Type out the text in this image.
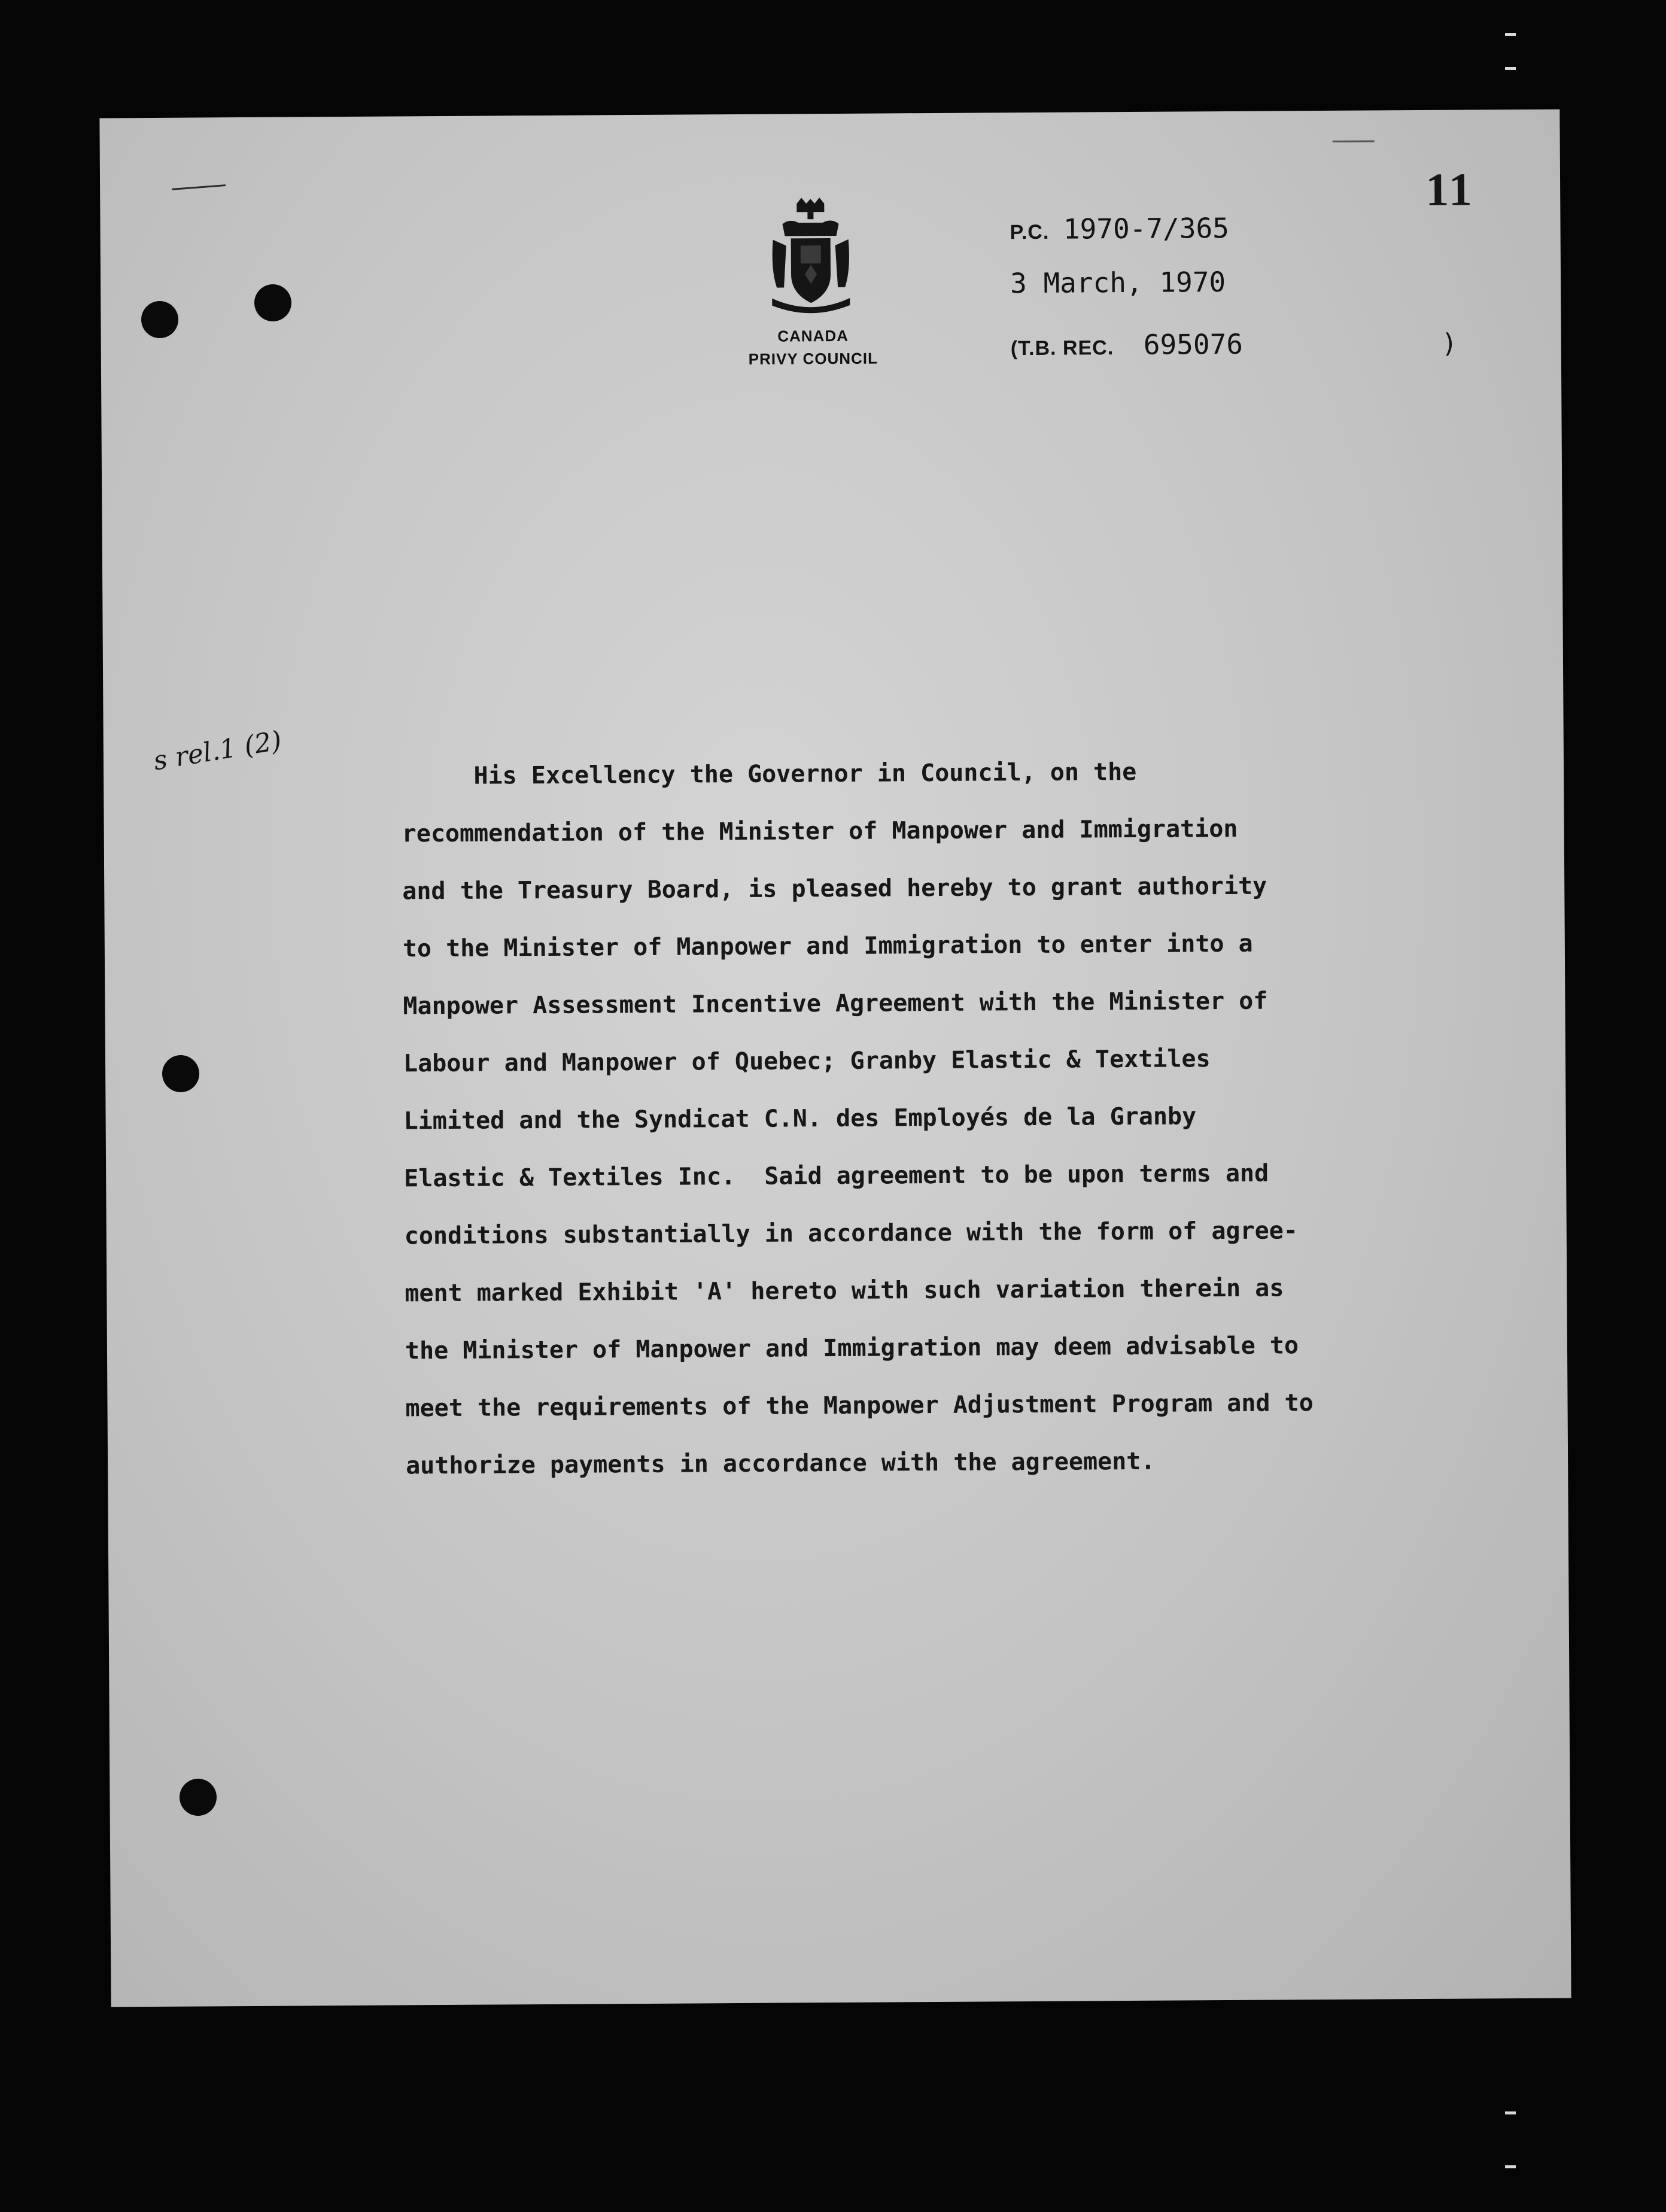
11
CANADA
PRIVY COUNCIL
P.C. 1970-7/365
3 March, 1970
(T.B. REC. 695076	)
s rel.1 (2)	His Excellency the Governor in Council, on the
recommendation of the Minister of Manpower and Immigration
and the Treasury Board, is pleased hereby to grant authority
to the Minister of Manpower and Immigration to enter into a
Manpower Assessment Incentive Agreement with the Minister of
Labour and Manpower of Quebec; Granby Elastic & Textiles
Limited and the Syndicat C.N. des Employés de la Granby
Elastic & Textiles Inc.  Said agreement to be upon terms and
conditions substantially in accordance with the form of agree-
ment marked Exhibit 'A' hereto with such variation therein as
the Minister of Manpower and Immigration may deem advisable to
meet the requirements of the Manpower Adjustment Program and to
authorize payments in accordance with the agreement.
